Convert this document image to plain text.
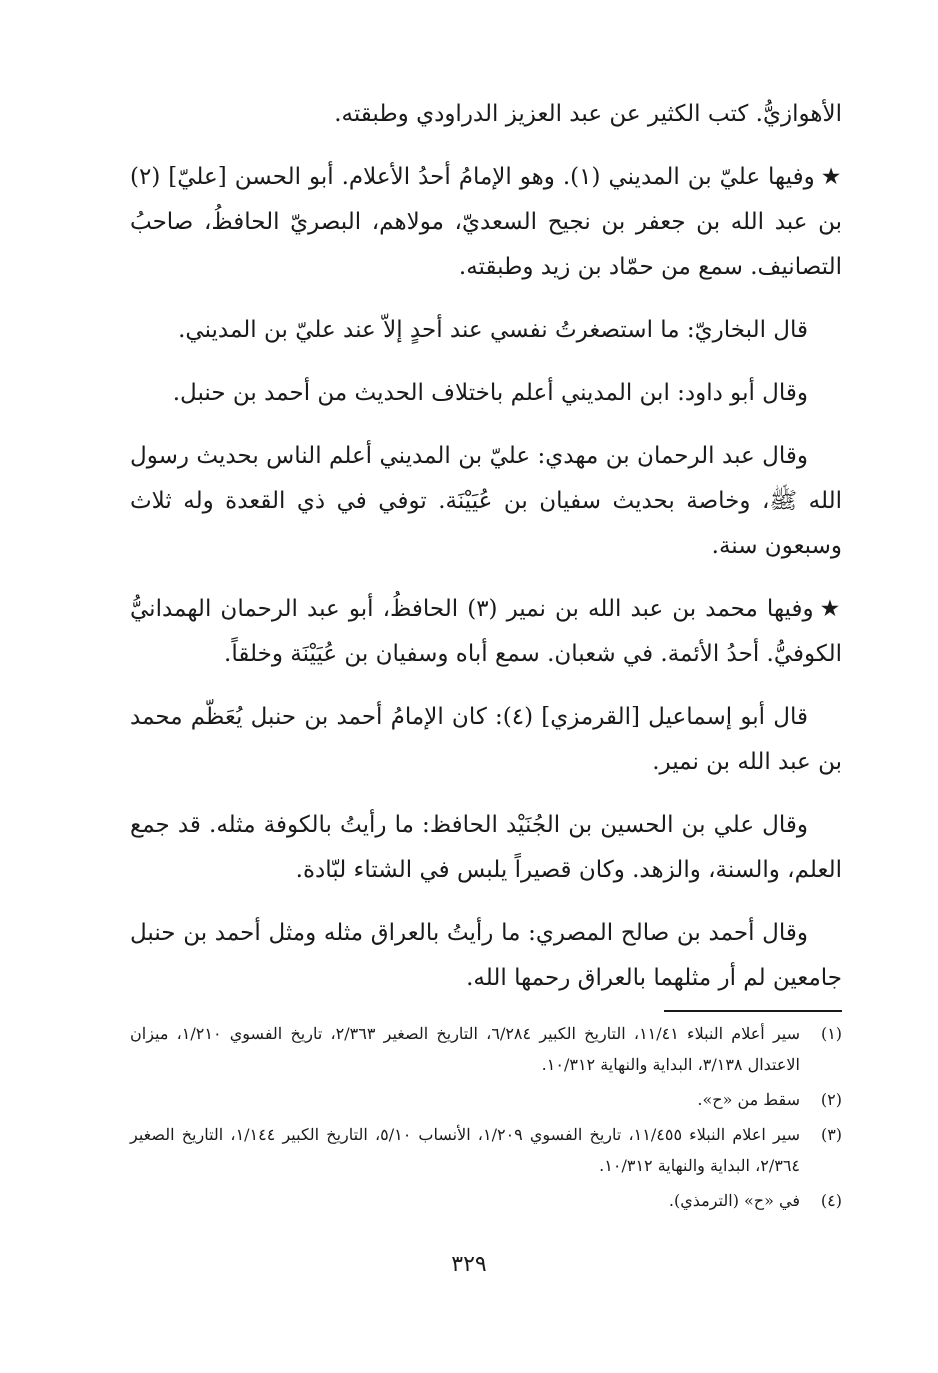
الأهوازيُّ. كتب الكثير عن عبد العزيز الدراودي وطبقته.

★وفيها عليّ بن المديني (١). وهو الإمامُ أحدُ الأعلام. أبو الحسن [عليّ] (٢) بن عبد الله بن جعفر بن نجيح السعديّ، مولاهم، البصريّ الحافظُ، صاحبُ التصانيف. سمع من حمّاد بن زيد وطبقته.

قال البخاريّ: ما استصغرتُ نفسي عند أحدٍ إلاّ عند عليّ بن المديني.

وقال أبو داود: ابن المديني أعلم باختلاف الحديث من أحمد بن حنبل.

وقال عبد الرحمان بن مهدي: عليّ بن المديني أعلم الناس بحديث رسول الله ﷺ، وخاصة بحديث سفيان بن عُيَيْنَة. توفي في ذي القعدة وله ثلاث وسبعون سنة.

★وفيها محمد بن عبد الله بن نمير (٣) الحافظُ، أبو عبد الرحمان الهمدانيُّ الكوفيُّ. أحدُ الأئمة. في شعبان. سمع أباه وسفيان بن عُيَيْنَة وخلقاً.

قال أبو إسماعيل [القرمزي] (٤): كان الإمامُ أحمد بن حنبل يُعَظّم محمد بن عبد الله بن نمير.

وقال علي بن الحسين بن الجُنَيْد الحافظ: ما رأيتُ بالكوفة مثله. قد جمع العلم، والسنة، والزهد. وكان قصيراً يلبس في الشتاء لبّادة.

وقال أحمد بن صالح المصري: ما رأيتُ بالعراق مثله ومثل أحمد بن حنبل جامعين لم أر مثلهما بالعراق رحمها الله.

(١)سير أعلام النبلاء ١١/٤١، التاريخ الكبير ٦/٢٨٤، التاريخ الصغير ٢/٣٦٣، تاريخ الفسوي ١/٢١٠، ميزان الاعتدال ٣/١٣٨، البداية والنهاية ١٠/٣١٢.

(٢)سقط من «ح».

(٣)سير اعلام النبلاء ١١/٤٥٥، تاريخ الفسوي ١/٢٠٩، الأنساب ٥/١٠، التاريخ الكبير ١/١٤٤، التاريخ الصغير ٢/٣٦٤، البداية والنهاية ١٠/٣١٢.

(٤)في «ح» (الترمذي).

٣٢٩
